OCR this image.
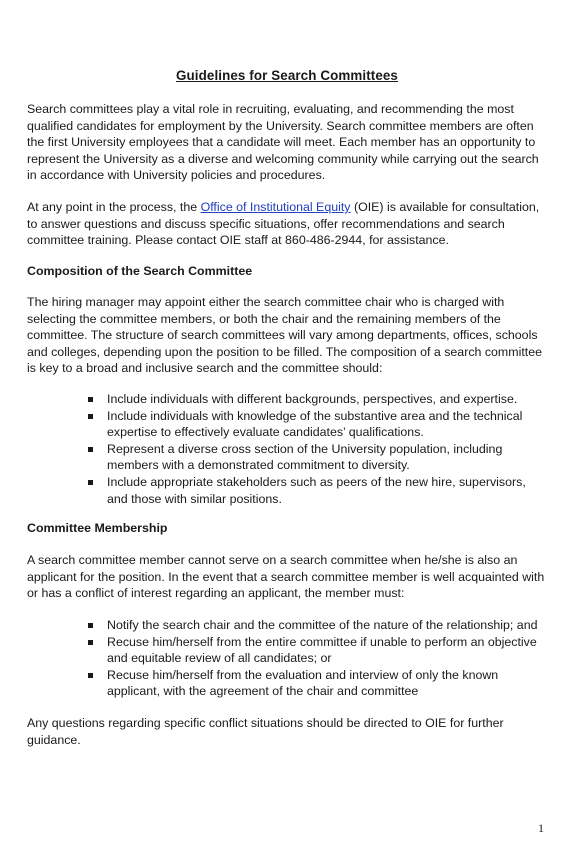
Guidelines for Search Committees

Search committees play a vital role in recruiting, evaluating, and recommending the most qualified candidates for employment by the University. Search committee members are often the first University employees that a candidate will meet. Each member has an opportunity to represent the University as a diverse and welcoming community while carrying out the search in accordance with University policies and procedures.

At any point in the process, the Office of Institutional Equity (OIE) is available for consultation, to answer questions and discuss specific situations, offer recommendations and search committee training. Please contact OIE staff at 860-486-2944, for assistance.

Composition of the Search Committee

The hiring manager may appoint either the search committee chair who is charged with selecting the committee members, or both the chair and the remaining members of the committee. The structure of search committees will vary among departments, offices, schools and colleges, depending upon the position to be filled. The composition of a search committee is key to a broad and inclusive search and the committee should:

Include individuals with different backgrounds, perspectives, and expertise.
Include individuals with knowledge of the substantive area and the technical expertise to effectively evaluate candidates’ qualifications.
Represent a diverse cross section of the University population, including members with a demonstrated commitment to diversity.
Include appropriate stakeholders such as peers of the new hire, supervisors, and those with similar positions.

Committee Membership

A search committee member cannot serve on a search committee when he/she is also an applicant for the position. In the event that a search committee member is well acquainted with or has a conflict of interest regarding an applicant, the member must:

Notify the search chair and the committee of the nature of the relationship; and
Recuse him/herself from the entire committee if unable to perform an objective and equitable review of all candidates; or
Recuse him/herself from the evaluation and interview of only the known applicant, with the agreement of the chair and committee

Any questions regarding specific conflict situations should be directed to OIE for further guidance.

1
